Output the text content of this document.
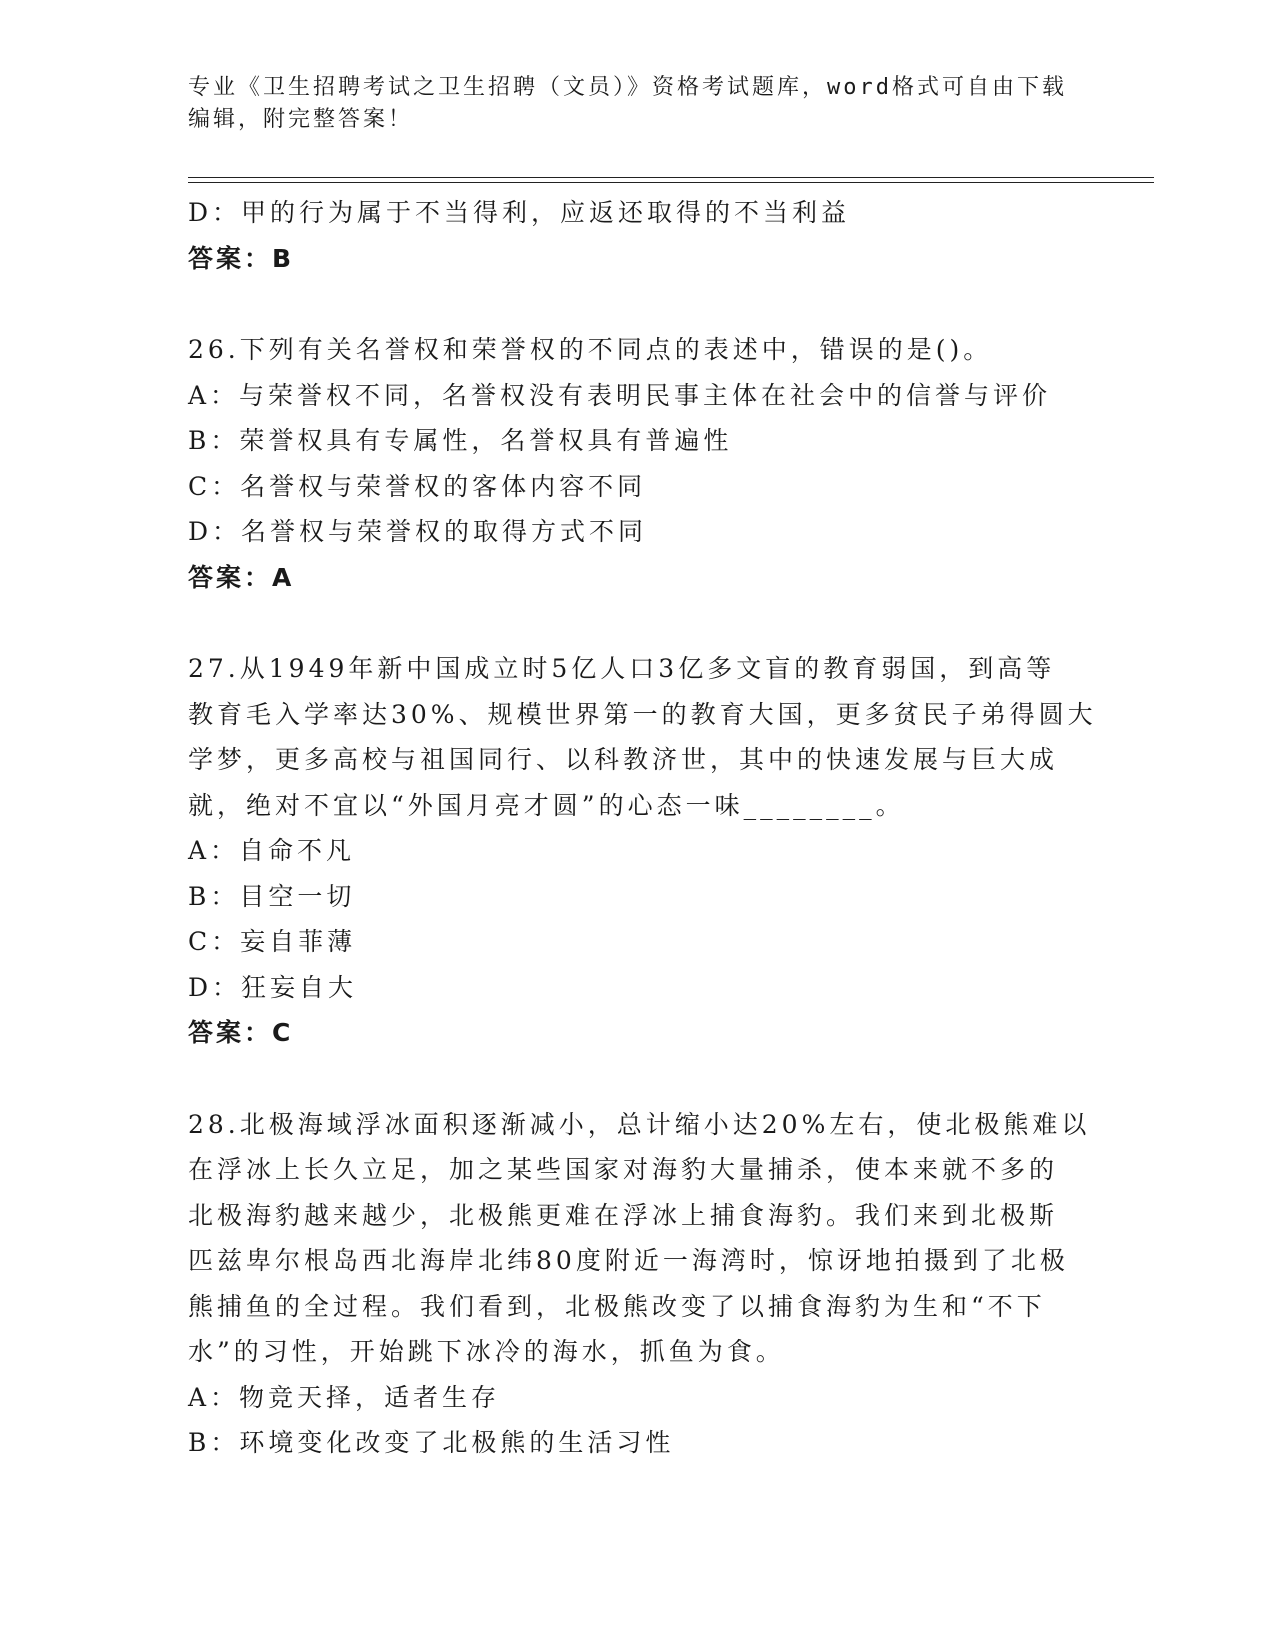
专业《卫生招聘考试之卫生招聘（文员）》资格考试题库，word格式可自由下载
编辑，附完整答案！
D：甲的行为属于不当得利，应返还取得的不当利益
答案：B
26.下列有关名誉权和荣誉权的不同点的表述中，错误的是()。
A：与荣誉权不同，名誉权没有表明民事主体在社会中的信誉与评价
B：荣誉权具有专属性，名誉权具有普遍性
C：名誉权与荣誉权的客体内容不同
D：名誉权与荣誉权的取得方式不同
答案：A
27.从1949年新中国成立时5亿人口3亿多文盲的教育弱国，到高等
教育毛入学率达30%、规模世界第一的教育大国，更多贫民子弟得圆大
学梦，更多高校与祖国同行、以科教济世，其中的快速发展与巨大成
就，绝对不宜以“外国月亮才圆”的心态一味________。
A：自命不凡
B：目空一切
C：妄自菲薄
D：狂妄自大
答案：C
28.北极海域浮冰面积逐渐减小，总计缩小达20%左右，使北极熊难以
在浮冰上长久立足，加之某些国家对海豹大量捕杀，使本来就不多的
北极海豹越来越少，北极熊更难在浮冰上捕食海豹。我们来到北极斯
匹兹卑尔根岛西北海岸北纬80度附近一海湾时，惊讶地拍摄到了北极
熊捕鱼的全过程。我们看到，北极熊改变了以捕食海豹为生和“不下
水”的习性，开始跳下冰冷的海水，抓鱼为食。
A：物竞天择，适者生存
B：环境变化改变了北极熊的生活习性
